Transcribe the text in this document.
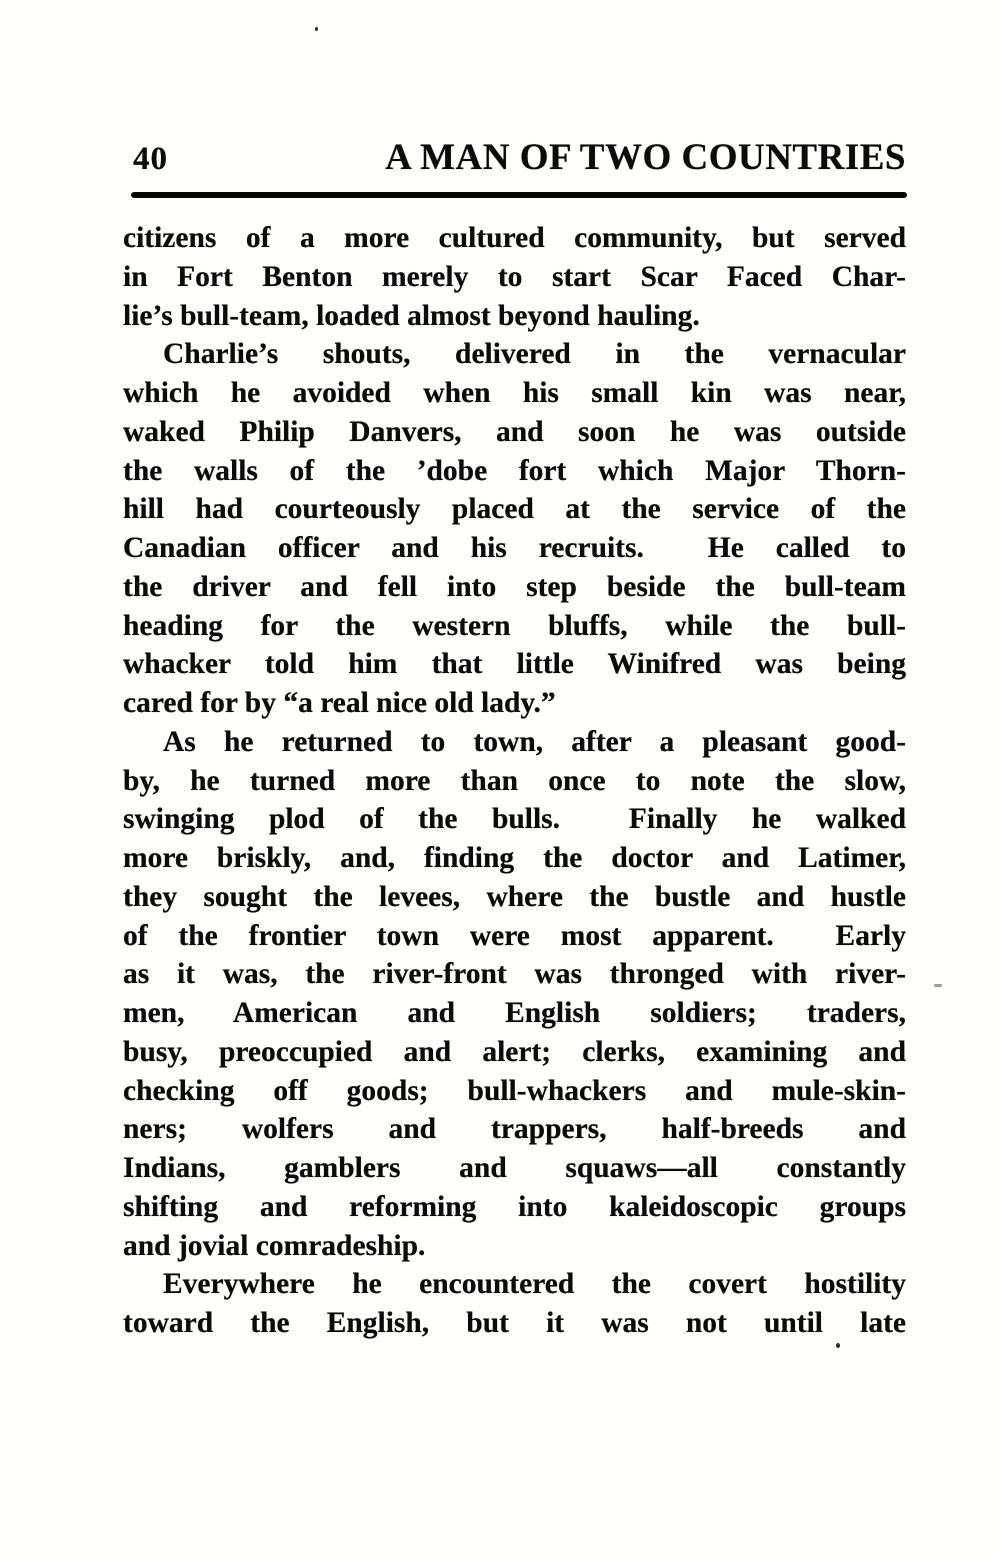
40	A MAN OF TWO COUNTRIES
citizens of a more cultured community, but served
in Fort Benton merely to start Scar Faced Char-
lie’s bull-team, loaded almost beyond hauling.
Charlie’s shouts, delivered in the vernacular
which he avoided when his small kin was near,
waked Philip Danvers, and soon he was outside
the walls of the ’dobe fort which Major Thorn-
hill had courteously placed at the service of the
Canadian officer and his recruits.  He called to
the driver and fell into step beside the bull-team
heading for the western bluffs, while the bull-
whacker told him that little Winifred was being
cared for by “a real nice old lady.”
As he returned to town, after a pleasant good-
by, he turned more than once to note the slow,
swinging plod of the bulls.  Finally he walked
more briskly, and, finding the doctor and Latimer,
they sought the levees, where the bustle and hustle
of the frontier town were most apparent.  Early
as it was, the river-front was thronged with river-
men, American and English soldiers; traders,
busy, preoccupied and alert; clerks, examining and
checking off goods; bull-whackers and mule-skin-
ners; wolfers and trappers, half-breeds and
Indians, gamblers and squaws—all constantly
shifting and reforming into kaleidoscopic groups
and jovial comradeship.
Everywhere he encountered the covert hostility
toward the English, but it was not until late
